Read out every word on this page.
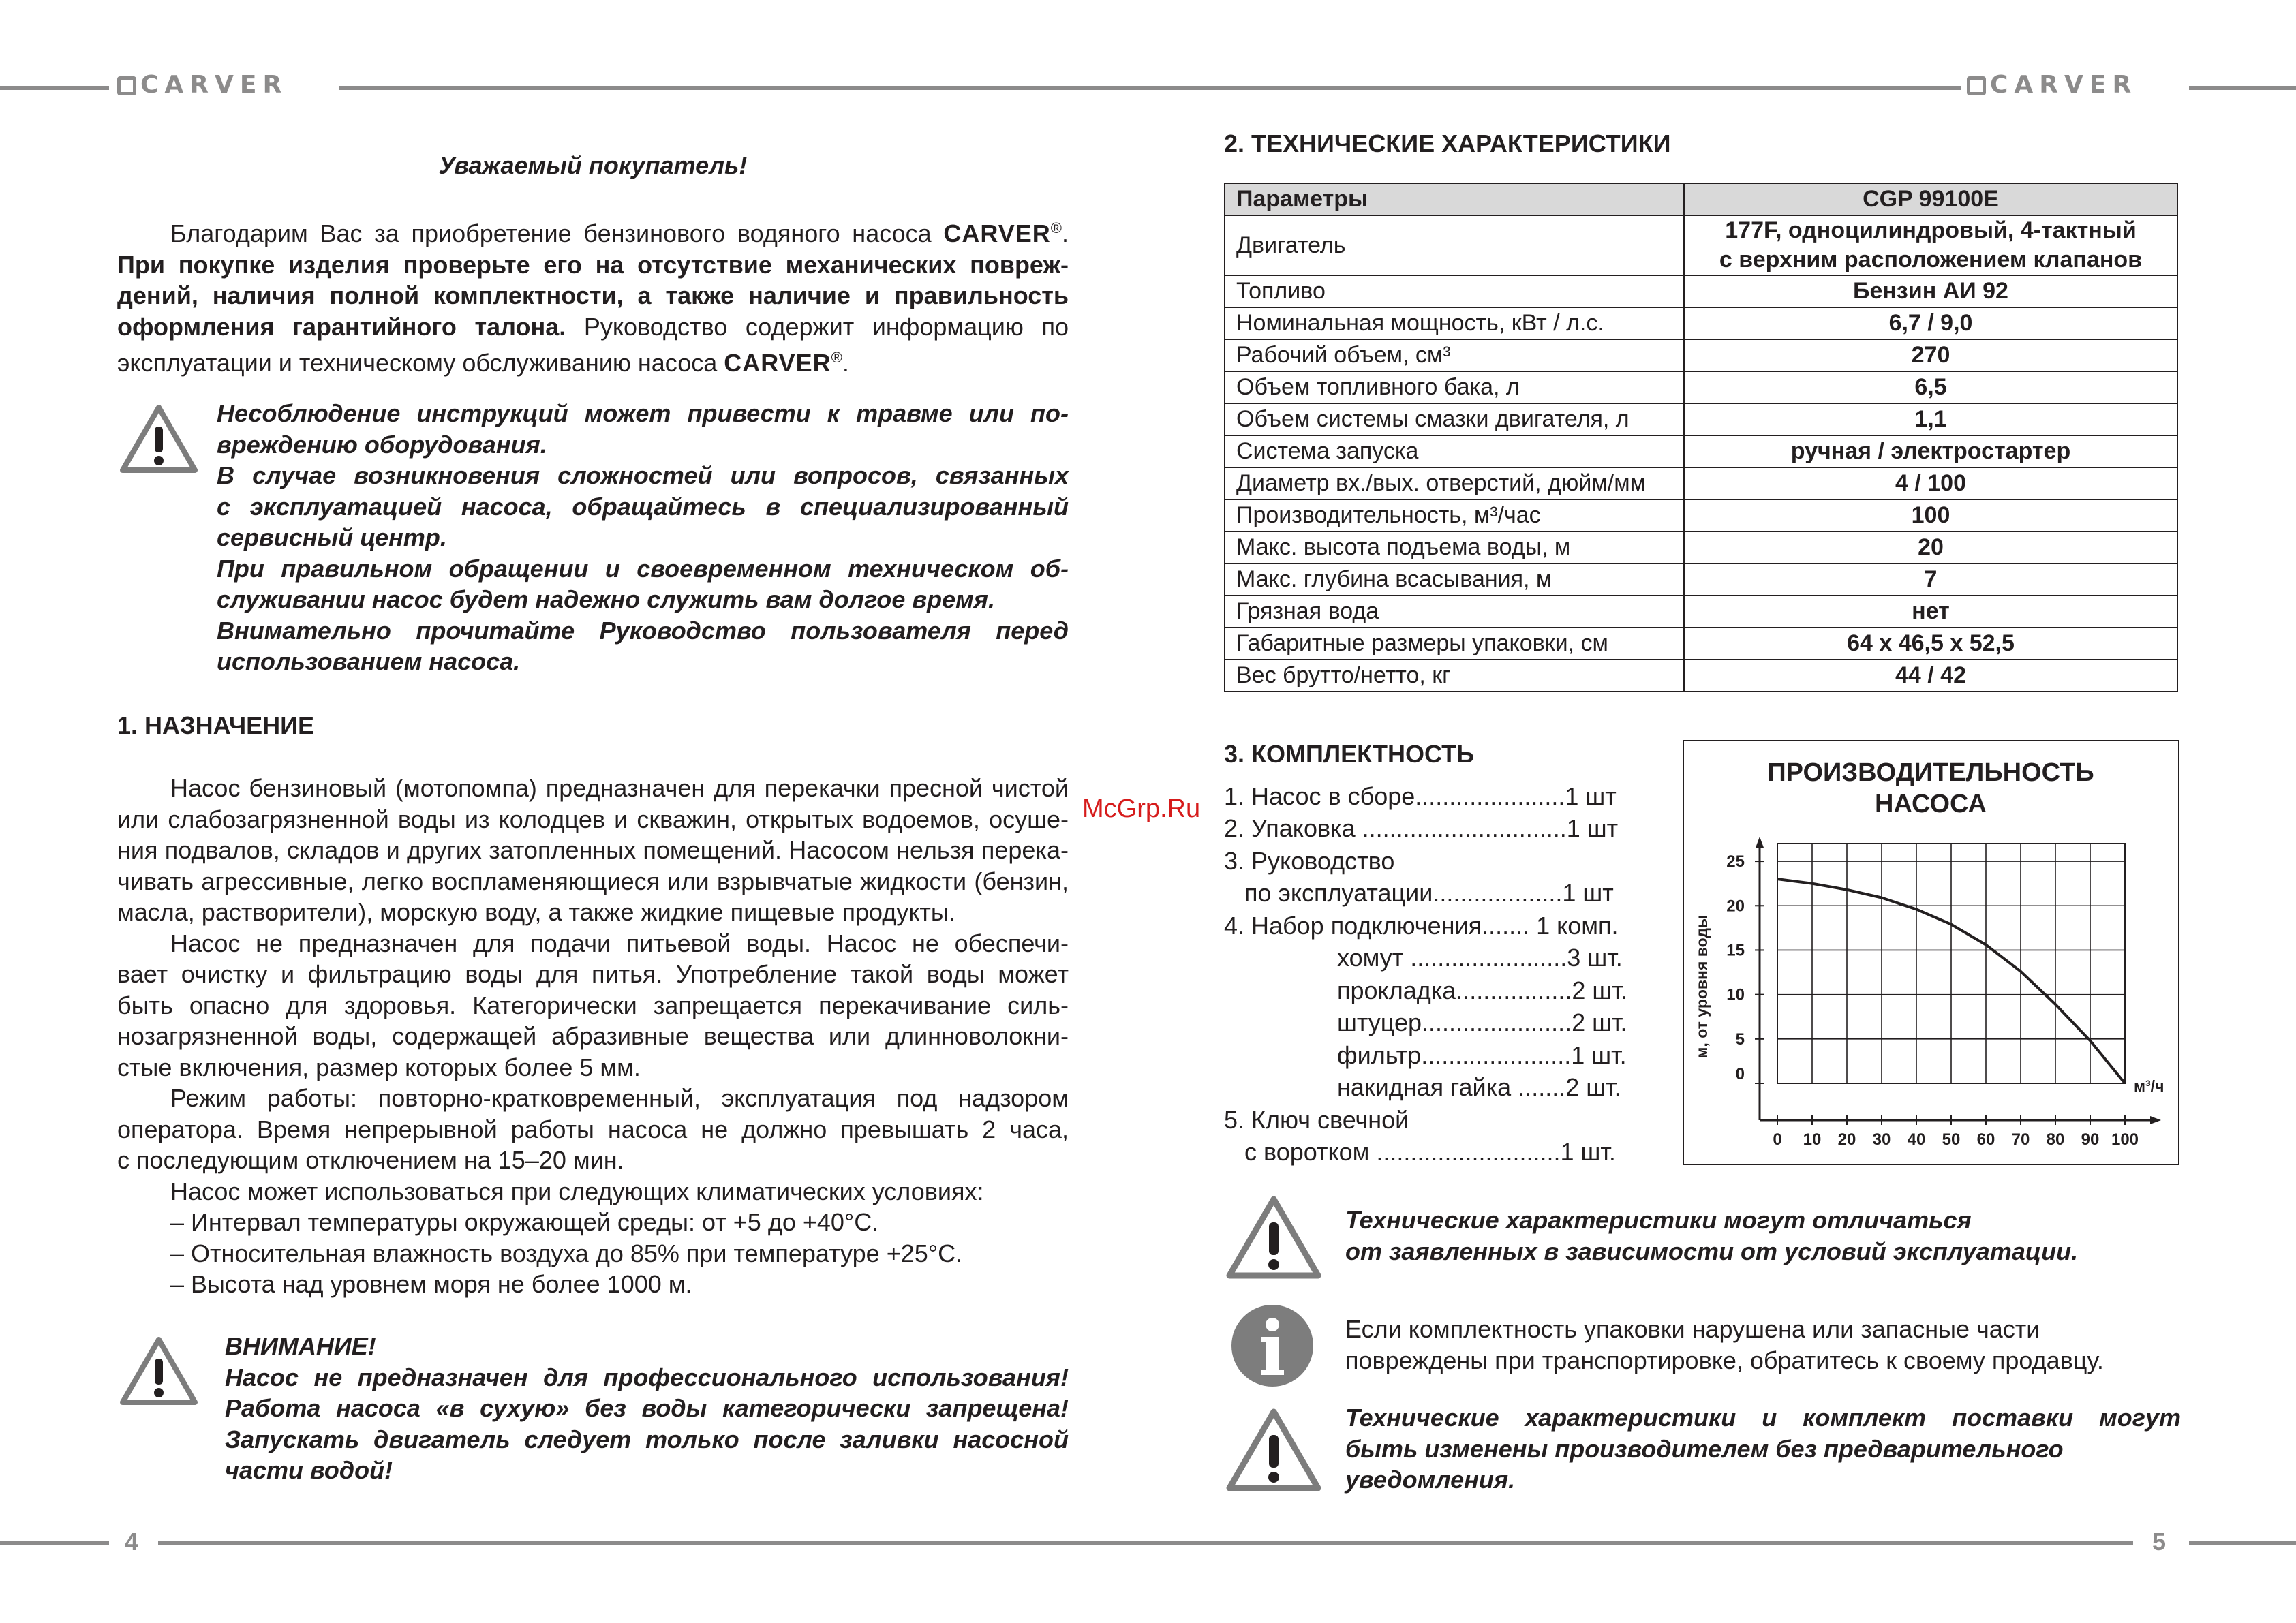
CARVER	CARVER
4	5
McGrp.Ru
Уважаемый покупатель!
Благодарим Вас за приобретение бензинового водяного насоса CARVER®.
При покупке изделия проверьте его на отсутствие механических повреж-
дений, наличия полной комплектности, а также наличие и правильность
оформления гарантийного талона. Руководство содержит информацию по
эксплуатации и техническому обслуживанию насоса CARVER®.
Несоблюдение инструкций может привести к травме или по-
вреждению оборудования.
В случае возникновения сложностей или вопросов, связанных
с эксплуатацией насоса, обращайтесь в специализированный
сервисный центр.
При правильном обращении и своевременном техническом об-
служивании насос будет надежно служить вам долгое время.
Внимательно прочитайте Руководство пользователя перед
использованием насоса.
1. НАЗНАЧЕНИЕ
Насос бензиновый (мотопомпа) предназначен для перекачки пресной чистой
или слабозагрязненной воды из колодцев и скважин, открытых водоемов, осуше-
ния подвалов, складов и других затопленных помещений. Насосом нельзя перека-
чивать агрессивные, легко воспламеняющиеся или взрывчатые жидкости (бензин,
масла, растворители), морскую воду, а также жидкие пищевые продукты.
Насос не предназначен для подачи питьевой воды. Насос не обеспечи-
вает очистку и фильтрацию воды для питья. Употребление такой воды может
быть опасно для здоровья. Категорически запрещается перекачивание силь-
нозагрязненной воды, содержащей абразивные вещества или длинноволокни-
стые включения, размер которых более 5 мм.
Режим работы: повторно-кратковременный, эксплуатация под надзором
оператора. Время непрерывной работы насоса не должно превышать 2 часа,
с последующим отключением на 15–20 мин.
Насос может использоваться при следующих климатических условиях:
– Интервал температуры окружающей среды: от +5 до +40°С.
– Относительная влажность воздуха до 85% при температуре +25°С.
– Высота над уровнем моря не более 1000 м.
ВНИМАНИЕ!
Насос не предназначен для профессионального использования!
Работа насоса «в сухую» без воды категорически запрещена!
Запускать двигатель следует только после заливки насосной
части водой!
2. ТЕХНИЧЕСКИЕ ХАРАКТЕРИСТИКИ
Параметры	CGP 99100E
Двигатель	177F, одноцилиндровый, 4-тактный
с верхним расположением клапанов

Топливо	Бензин АИ 92
Номинальная мощность, кВт / л.с.	6,7 / 9,0
Рабочий объем, см³	270
Объем топливного бака, л	6,5
Объем системы смазки двигателя, л	1,1
Система запуска	ручная / электростартер
Диаметр вх./вых. отверстий, дюйм/мм	4 / 100
Производительность, м³/час	100
Макс. высота подъема воды, м	20
Макс. глубина всасывания, м	7
Грязная вода	нет
Габаритные размеры упаковки, см	64 x 46,5 x 52,5
Вес брутто/нетто, кг	44 / 42
3. КОМПЛЕКТНОСТЬ
1. Насос в сборе......................1 шт
2. Упаковка ..............................1 шт
3. Руководство
по эксплуатации...................1 шт
4. Набор подключения....... 1 комп.
хомут .......................3 шт.
прокладка.................2 шт.
штуцер......................2 шт.
фильтр......................1 шт.
накидная гайка .......2 шт.
5. Ключ свечной
с воротком ...........................1 шт.
ПРОИЗВОДИТЕЛЬНОСТЬ
НАСОСА
м, от уровня воды
м³/ч
0 10 20 30 40 50 60 70 80 90 100
0
5
10
15
20
25
Технические характеристики могут отличаться
от заявленных в зависимости от условий эксплуатации.
Если комплектность упаковки нарушена или запасные части
повреждены при транспортировке, обратитесь к своему продавцу.
Технические характеристики и комплект поставки могут
быть изменены производителем без предварительного
уведомления.
